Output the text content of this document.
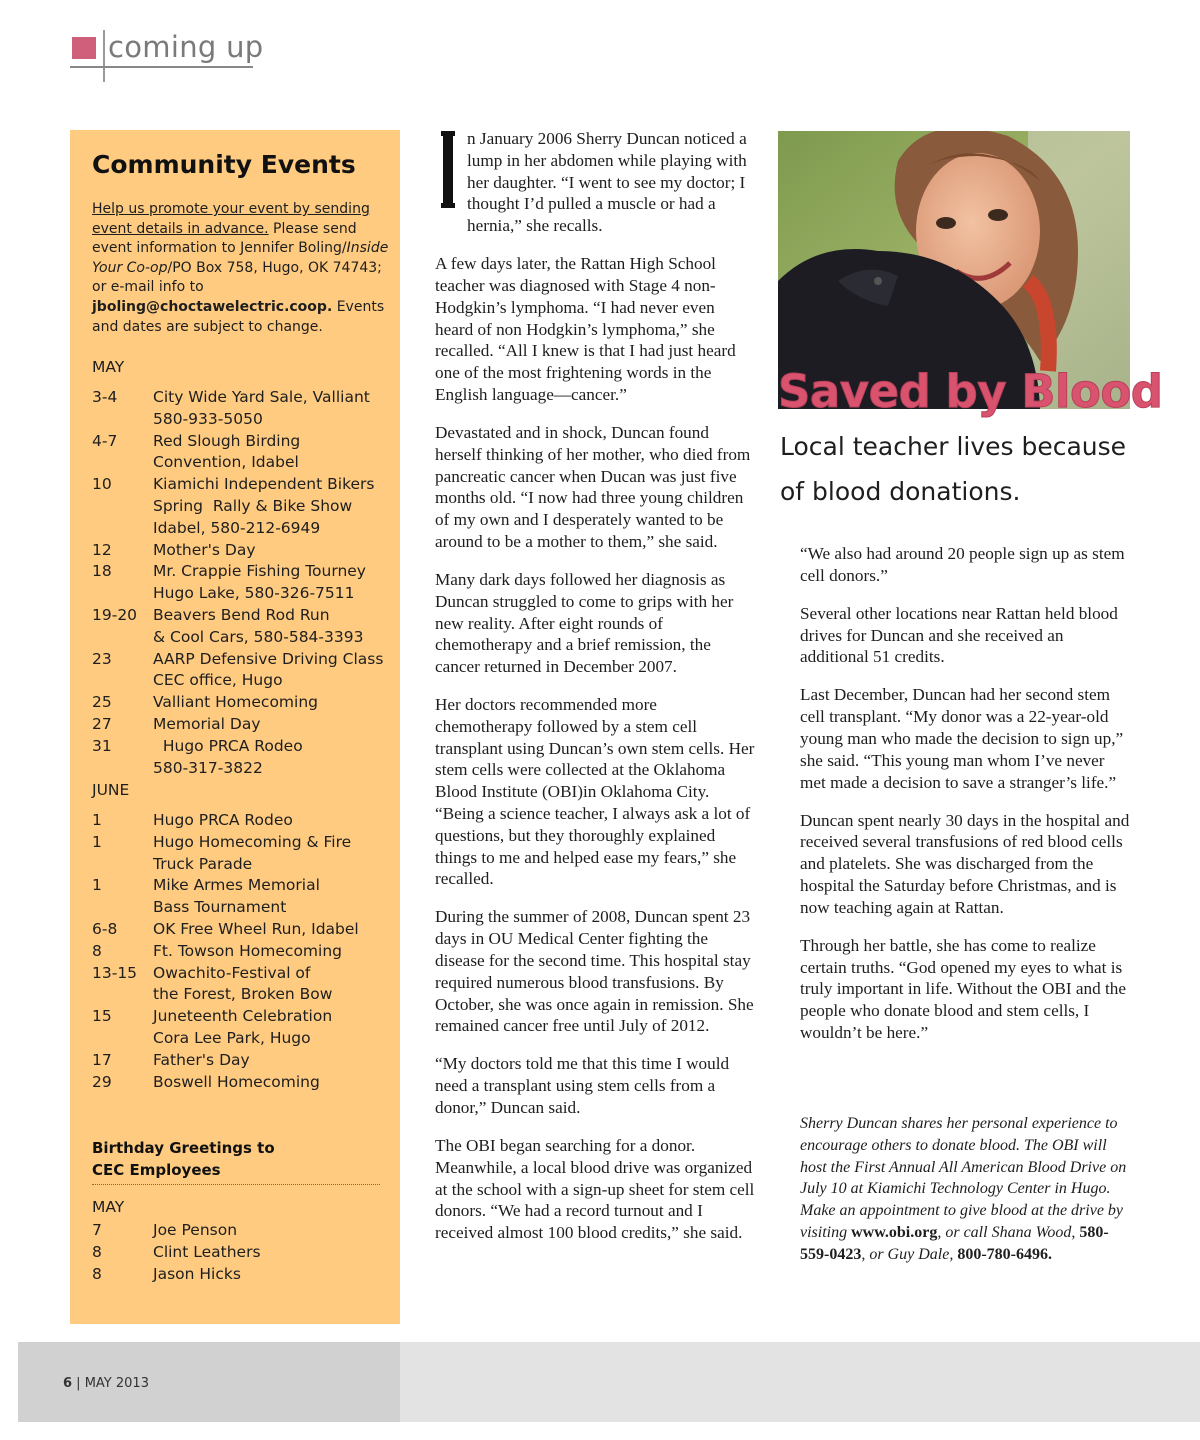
coming up
Community Events
Help us promote your event by sending event details in advance. Please send event information to Jennifer Boling/Inside Your Co-op/PO Box 758, Hugo, OK 74743; or e-mail info to jboling@choctawelectric.coop. Events and dates are subject to change.
MAY
3-4 City Wide Yard Sale, Valliant
580-933-5050
4-7 Red Slough Birding
Convention, Idabel
10	Kiamichi Independent Bikers
Spring  Rally & Bike Show
Idabel, 580-212-6949
12	Mother's Day
18	Mr. Crappie Fishing Tourney
Hugo Lake, 580-326-7511
19-20 Beavers Bend Rod Run
& Cool Cars, 580-584-3393
23	AARP Defensive Driving Class
CEC office, Hugo
25	Valliant Homecoming
27	Memorial Day
31	Hugo PRCA Rodeo
580-317-3822
JUNE
1	Hugo PRCA Rodeo
1	Hugo Homecoming & Fire
Truck Parade
1	Mike Armes Memorial
Bass Tournament
6-8 OK Free Wheel Run, Idabel
8	Ft. Towson Homecoming
13-15 Owachito-Festival of
the Forest, Broken Bow
15	Juneteenth Celebration
Cora Lee Park, Hugo
17	Father's Day
29	Boswell Homecoming
Birthday Greetings to
CEC Employees
MAY
7	Joe Penson
8	Clint Leathers
8	Jason Hicks

n January 2006 Sherry Duncan noticed a lump in her abdomen while playing with her daughter. “I went to see my doctor; I thought I’d pulled a muscle or had a hernia,” she recalls.

A few days later, the Rattan High School teacher was diagnosed with Stage 4 non-Hodgkin’s lymphoma. “I had never even heard of non Hodgkin’s lymphoma,” she recalled. “All I knew is that I had just heard one of the most frightening words in the English language—cancer.”

Devastated and in shock, Duncan found herself thinking of her mother, who died from pancreatic cancer when Ducan was just five months old. “I now had three young children of my own and I desperately wanted to be around to be a mother to them,” she said.

Many dark days followed her diagnosis as Duncan struggled to come to grips with her new reality. After eight rounds of chemotherapy and a brief remission, the cancer returned in December 2007.

Her doctors recommended more chemotherapy followed by a stem cell transplant using Duncan’s own stem cells. Her stem cells were collected at the Oklahoma Blood Institute (OBI)in Oklahoma City. “Being a science teacher, I always ask a lot of questions, but they thoroughly explained things to me and helped ease my fears,” she recalled.

During the summer of 2008, Duncan spent 23 days in OU Medical Center fighting the disease for the second time. This hospital stay required numerous blood transfusions. By October, she was once again in remission. She remained cancer free until July of 2012.

“My doctors told me that this time I would need a transplant using stem cells from a donor,” Duncan said.

The OBI began searching for a donor. Meanwhile, a local blood drive was organized at the school with a sign-up sheet for stem cell donors. “We had a record turnout and I received almost 100 blood credits,” she said.

Saved by Blood
Local teacher lives because of blood donations.

“We also had around 20 people sign up as stem cell donors.”

Several other locations near Rattan held blood drives for Duncan and she received an additional 51 credits.

Last December, Duncan had her second stem cell transplant. “My donor was a 22-year-old young man who made the decision to sign up,” she said. “This young man whom I’ve never met made a decision to save a stranger’s life.”

Duncan spent nearly 30 days in the hospital and received several transfusions of red blood cells and platelets. She was discharged from the hospital the Saturday before Christmas, and is now teaching again at Rattan.

Through her battle, she has come to realize certain truths. “God opened my eyes to what is truly important in life. Without the OBI and the people who donate blood and stem cells, I wouldn’t be here.”

Sherry Duncan shares her personal experience to encourage others to donate blood. The OBI will host the First Annual All American Blood Drive on July 10 at Kiamichi Technology Center in Hugo. Make an appointment to give blood at the drive by visiting www.obi.org, or call Shana Wood, 580-559-0423, or Guy Dale, 800-780-6496.
6 | MAY 2013
